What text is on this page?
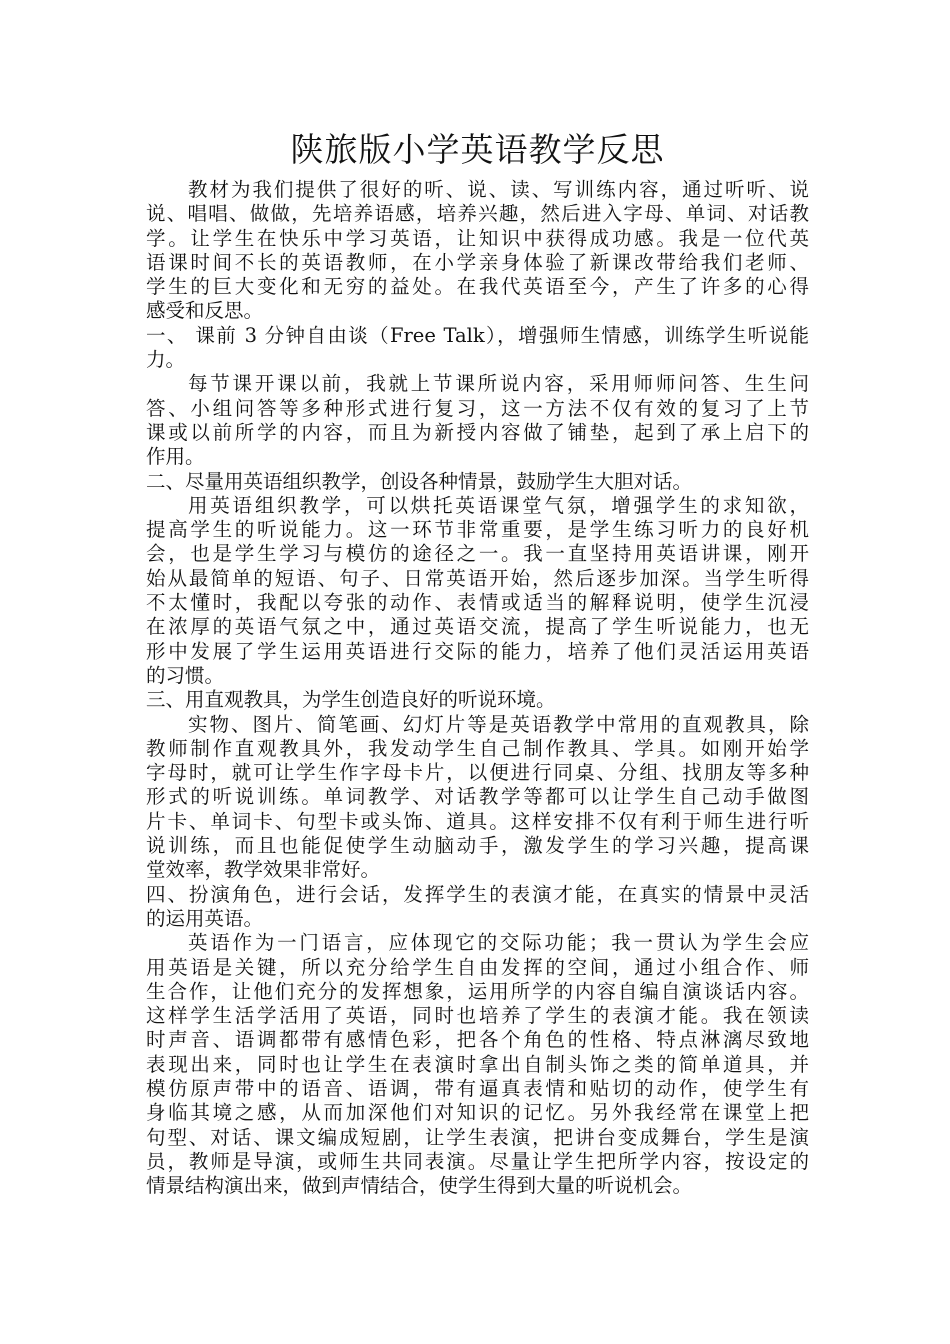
陕旅版小学英语教学反思
教材为我们提供了很好的听、说、读、写训练内容，通过听听、说
说、唱唱、做做，先培养语感，培养兴趣，然后进入字母、单词、对话教
学。让学生在快乐中学习英语，让知识中获得成功感。我是一位代英
语课时间不长的英语教师，在小学亲身体验了新课改带给我们老师、
学生的巨大变化和无穷的益处。在我代英语至今，产生了许多的心得
感受和反思。
一、 课前 3 分钟自由谈（Free Talk），增强师生情感，训练学生听说能
力。
每节课开课以前，我就上节课所说内容，采用师师问答、生生问
答、小组问答等多种形式进行复习，这一方法不仅有效的复习了上节
课或以前所学的内容，而且为新授内容做了铺垫，起到了承上启下的
作用。
二、尽量用英语组织教学，创设各种情景，鼓励学生大胆对话。
用英语组织教学，可以烘托英语课堂气氛，增强学生的求知欲，
提高学生的听说能力。这一环节非常重要，是学生练习听力的良好机
会，也是学生学习与模仿的途径之一。我一直坚持用英语讲课，刚开
始从最简单的短语、句子、日常英语开始，然后逐步加深。当学生听得
不太懂时，我配以夸张的动作、表情或适当的解释说明，使学生沉浸
在浓厚的英语气氛之中，通过英语交流，提高了学生听说能力，也无
形中发展了学生运用英语进行交际的能力，培养了他们灵活运用英语
的习惯。
三、用直观教具，为学生创造良好的听说环境。
实物、图片、简笔画、幻灯片等是英语教学中常用的直观教具，除
教师制作直观教具外，我发动学生自己制作教具、学具。如刚开始学
字母时，就可让学生作字母卡片，以便进行同桌、分组、找朋友等多种
形式的听说训练。单词教学、对话教学等都可以让学生自己动手做图
片卡、单词卡、句型卡或头饰、道具。这样安排不仅有利于师生进行听
说训练，而且也能促使学生动脑动手，激发学生的学习兴趣，提高课
堂效率，教学效果非常好。
四、扮演角色，进行会话，发挥学生的表演才能，在真实的情景中灵活
的运用英语。
英语作为一门语言，应体现它的交际功能；我一贯认为学生会应
用英语是关键，所以充分给学生自由发挥的空间，通过小组合作、师
生合作，让他们充分的发挥想象，运用所学的内容自编自演谈话内容。
这样学生活学活用了英语，同时也培养了学生的表演才能。我在领读
时声音、语调都带有感情色彩，把各个角色的性格、特点淋漓尽致地
表现出来，同时也让学生在表演时拿出自制头饰之类的简单道具，并
模仿原声带中的语音、语调，带有逼真表情和贴切的动作，使学生有
身临其境之感，从而加深他们对知识的记忆。另外我经常在课堂上把
句型、对话、课文编成短剧，让学生表演，把讲台变成舞台，学生是演
员，教师是导演，或师生共同表演。尽量让学生把所学内容，按设定的
情景结构演出来，做到声情结合，使学生得到大量的听说机会。
